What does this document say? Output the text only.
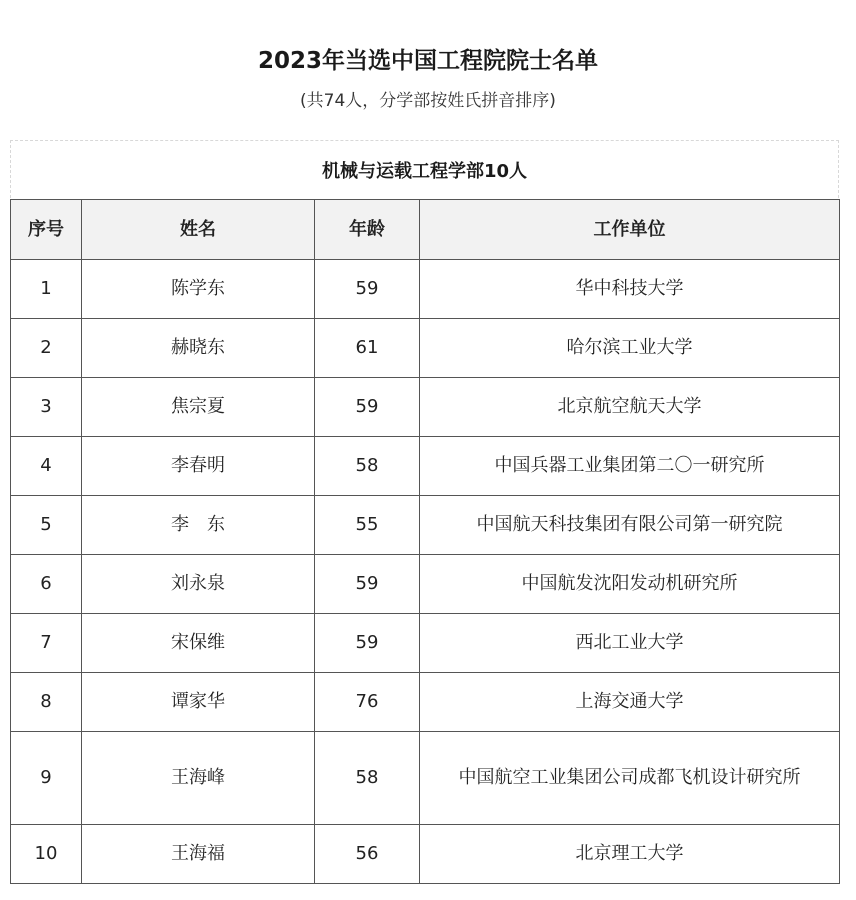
2023年当选中国工程院院士名单
(共74人，分学部按姓氏拼音排序)
机械与运载工程学部10人
序号	姓名	年龄	工作单位
1	陈学东	59	华中科技大学
2	赫晓东	61	哈尔滨工业大学
3	焦宗夏	59	北京航空航天大学
4	李春明	58	中国兵器工业集团第二〇一研究所
5	李　东	55	中国航天科技集团有限公司第一研究院
6	刘永泉	59	中国航发沈阳发动机研究所
7	宋保维	59	西北工业大学
8	谭家华	76	上海交通大学
9	王海峰	58	中国航空工业集团公司成都飞机设计研究所
10	王海福	56	北京理工大学
